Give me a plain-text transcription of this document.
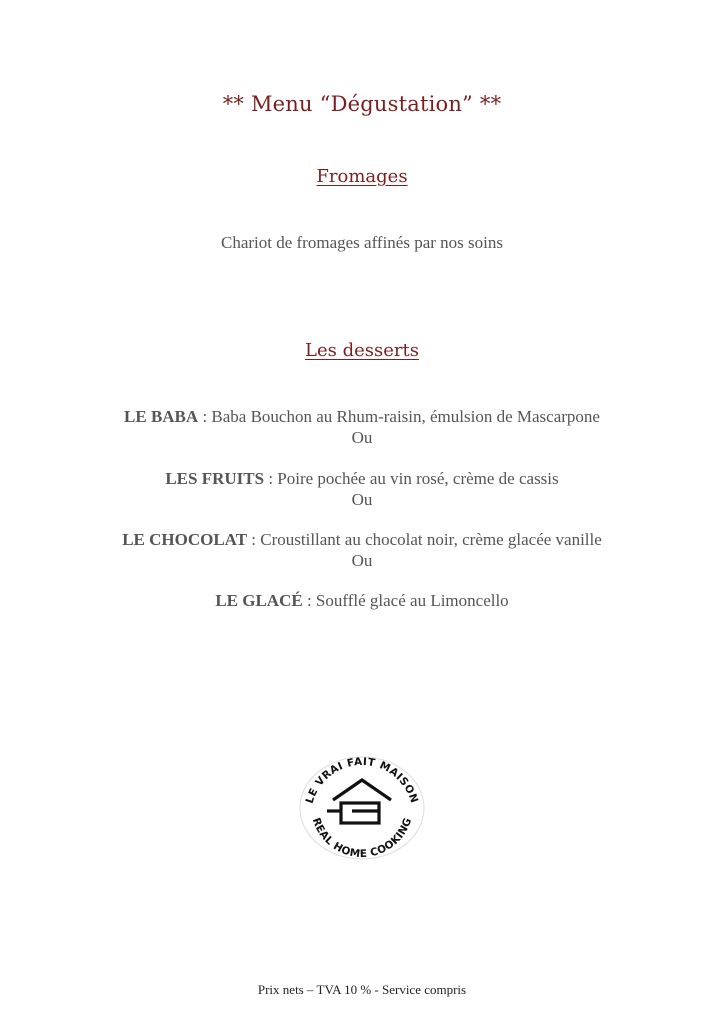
** Menu “Dégustation” **
Fromages
Chariot de fromages affinés par nos soins
Les desserts
LE BABA : Baba Bouchon au Rhum-raisin, émulsion de Mascarpone
Ou
LES FRUITS : Poire pochée au vin rosé, crème de cassis
Ou
LE CHOCOLAT : Croustillant au chocolat noir, crème glacée vanille
Ou
LE GLACÉ : Soufflé glacé au Limoncello
LE VRAI FAIT MAISON
REAL HOME COOKING
Prix nets – TVA 10 % - Service compris
